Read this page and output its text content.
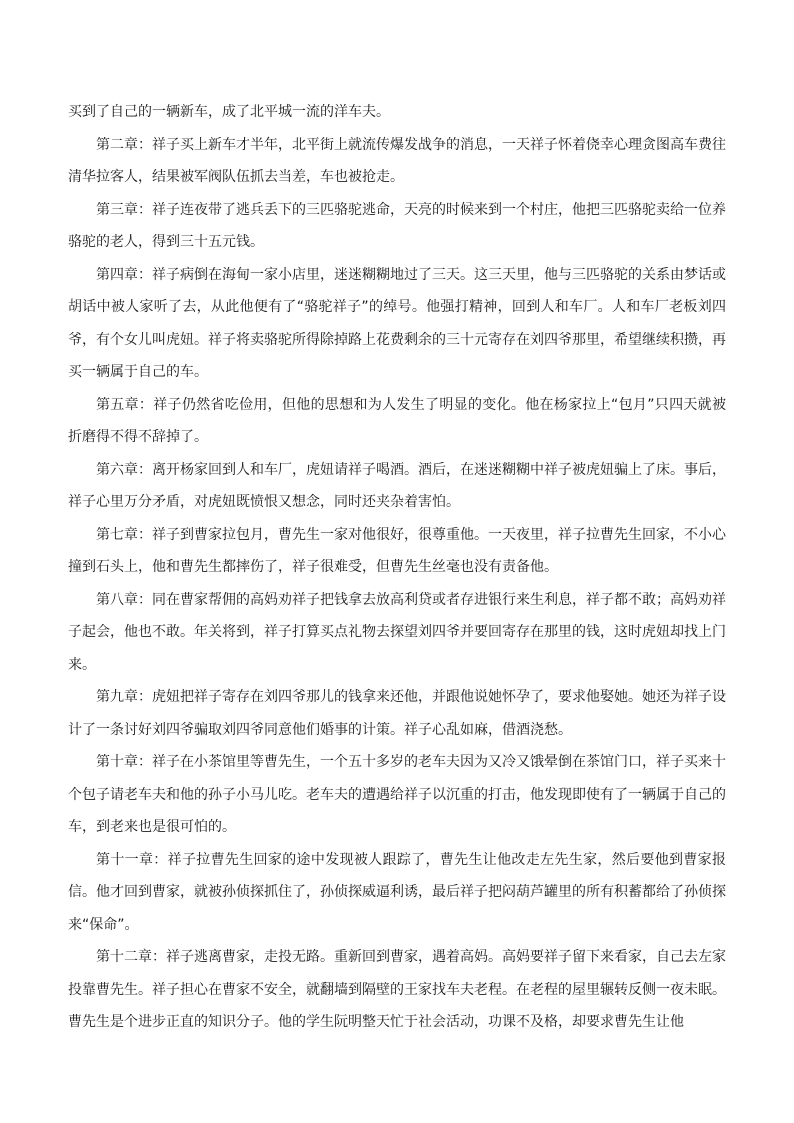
买到了自己的一辆新车，成了北平城一流的洋车夫。

第二章：祥子买上新车才半年，北平街上就流传爆发战争的消息，一天祥子怀着侥幸心理贪图高车费往清华拉客人，结果被军阀队伍抓去当差，车也被抢走。

第三章：祥子连夜带了逃兵丢下的三匹骆驼逃命，天亮的时候来到一个村庄，他把三匹骆驼卖给一位养骆驼的老人，得到三十五元钱。

第四章：祥子病倒在海甸一家小店里，迷迷糊糊地过了三天。这三天里，他与三匹骆驼的关系由梦话或胡话中被人家听了去，从此他便有了“骆驼祥子”的绰号。他强打精神，回到人和车厂。人和车厂老板刘四爷，有个女儿叫虎妞。祥子将卖骆驼所得除掉路上花费剩余的三十元寄存在刘四爷那里，希望继续积攒，再买一辆属于自己的车。

第五章：祥子仍然省吃俭用，但他的思想和为人发生了明显的变化。他在杨家拉上“包月”只四天就被折磨得不得不辞掉了。

第六章：离开杨家回到人和车厂，虎妞请祥子喝酒。酒后，在迷迷糊糊中祥子被虎妞骗上了床。事后，祥子心里万分矛盾，对虎妞既愤恨又想念，同时还夹杂着害怕。

第七章：祥子到曹家拉包月，曹先生一家对他很好，很尊重他。一天夜里，祥子拉曹先生回家，不小心撞到石头上，他和曹先生都摔伤了，祥子很难受，但曹先生丝毫也没有责备他。

第八章：同在曹家帮佣的高妈劝祥子把钱拿去放高利贷或者存进银行来生利息，祥子都不敢；高妈劝祥子起会，他也不敢。年关将到，祥子打算买点礼物去探望刘四爷并要回寄存在那里的钱，这时虎妞却找上门来。

第九章：虎妞把祥子寄存在刘四爷那儿的钱拿来还他，并跟他说她怀孕了，要求他娶她。她还为祥子设计了一条讨好刘四爷骗取刘四爷同意他们婚事的计策。祥子心乱如麻，借酒浇愁。

第十章：祥子在小茶馆里等曹先生，一个五十多岁的老车夫因为又冷又饿晕倒在茶馆门口，祥子买来十个包子请老车夫和他的孙子小马儿吃。老车夫的遭遇给祥子以沉重的打击，他发现即使有了一辆属于自己的车，到老来也是很可怕的。

第十一章：祥子拉曹先生回家的途中发现被人跟踪了，曹先生让他改走左先生家，然后要他到曹家报信。他才回到曹家，就被孙侦探抓住了，孙侦探威逼利诱，最后祥子把闷葫芦罐里的所有积蓄都给了孙侦探来“保命”。

第十二章：祥子逃离曹家，走投无路。重新回到曹家，遇着高妈。高妈要祥子留下来看家，自己去左家投靠曹先生。祥子担心在曹家不安全，就翻墙到隔壁的王家找车夫老程。在老程的屋里辗转反侧一夜未眠。曹先生是个进步正直的知识分子。他的学生阮明整天忙于社会活动，功课不及格，却要求曹先生让他
